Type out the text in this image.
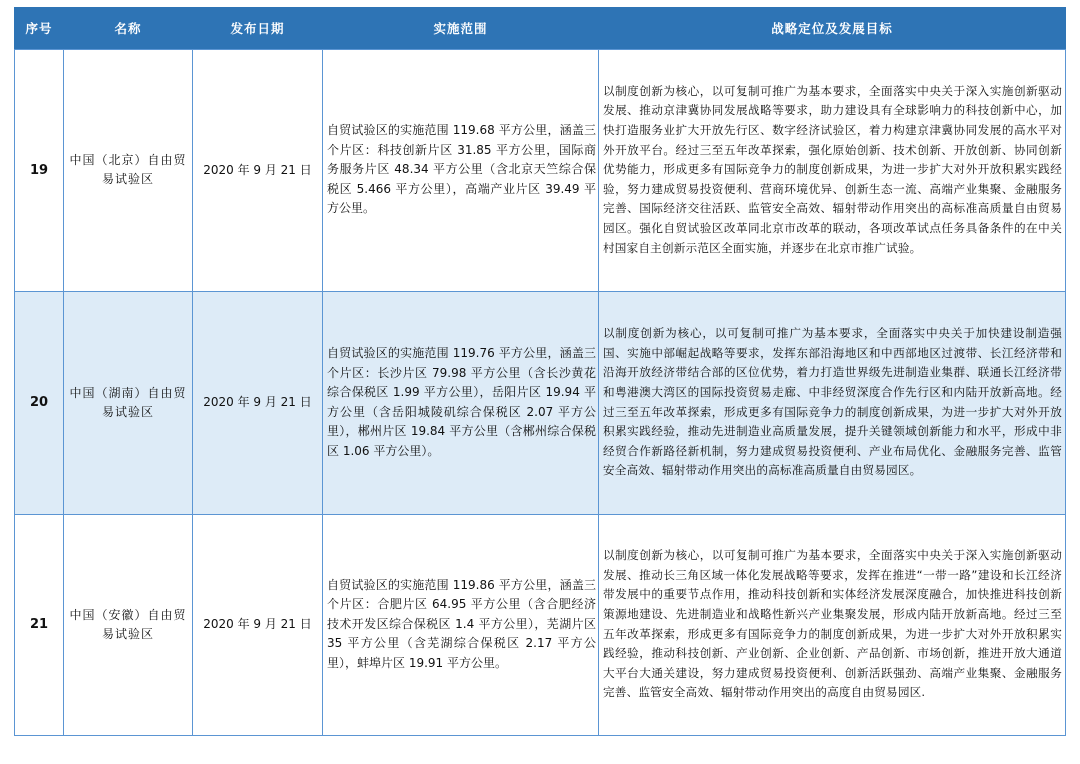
序号	名称	发布日期	实施范围	战略定位及发展目标
19	中国（北京）自由贸易试验区	2020 年 9 月 21 日	自贸试验区的实施范围 119.68 平方公里，涵盖三个片区：科技创新片区 31.85 平方公里，国际商务服务片区 48.34 平方公里（含北京天竺综合保税区 5.466 平方公里），高端产业片区 39.49 平方公里。	以制度创新为核心，以可复制可推广为基本要求，全面落实中央关于深入实施创新驱动发展、推动京津冀协同发展战略等要求，助力建设具有全球影响力的科技创新中心，加快打造服务业扩大开放先行区、数字经济试验区，着力构建京津冀协同发展的高水平对外开放平台。经过三至五年改革探索，强化原始创新、技术创新、开放创新、协同创新优势能力，形成更多有国际竞争力的制度创新成果，为进一步扩大对外开放积累实践经验，努力建成贸易投资便利、营商环境优异、创新生态一流、高端产业集聚、金融服务完善、国际经济交往活跃、监管安全高效、辐射带动作用突出的高标准高质量自由贸易园区。强化自贸试验区改革同北京市改革的联动，各项改革试点任务具备条件的在中关村国家自主创新示范区全面实施，并逐步在北京市推广试验。
20	中国（湖南）自由贸易试验区	2020 年 9 月 21 日	自贸试验区的实施范围 119.76 平方公里，涵盖三个片区：长沙片区 79.98 平方公里（含长沙黄花综合保税区 1.99 平方公里），岳阳片区 19.94 平方公里（含岳阳城陵矶综合保税区 2.07 平方公里），郴州片区 19.84 平方公里（含郴州综合保税区 1.06 平方公里）。	以制度创新为核心，以可复制可推广为基本要求，全面落实中央关于加快建设制造强国、实施中部崛起战略等要求，发挥东部沿海地区和中西部地区过渡带、长江经济带和沿海开放经济带结合部的区位优势，着力打造世界级先进制造业集群、联通长江经济带和粤港澳大湾区的国际投资贸易走廊、中非经贸深度合作先行区和内陆开放新高地。经过三至五年改革探索，形成更多有国际竞争力的制度创新成果，为进一步扩大对外开放积累实践经验，推动先进制造业高质量发展，提升关键领域创新能力和水平，形成中非经贸合作新路径新机制，努力建成贸易投资便利、产业布局优化、金融服务完善、监管安全高效、辐射带动作用突出的高标准高质量自由贸易园区。
21	中国（安徽）自由贸易试验区	2020 年 9 月 21 日	自贸试验区的实施范围 119.86 平方公里，涵盖三个片区：合肥片区 64.95 平方公里（含合肥经济技术开发区综合保税区 1.4 平方公里），芜湖片区 35 平方公里（含芜湖综合保税区 2.17 平方公里），蚌埠片区 19.91 平方公里。	以制度创新为核心，以可复制可推广为基本要求，全面落实中央关于深入实施创新驱动发展、推动长三角区域一体化发展战略等要求，发挥在推进“一带一路”建设和长江经济带发展中的重要节点作用，推动科技创新和实体经济发展深度融合，加快推进科技创新策源地建设、先进制造业和战略性新兴产业集聚发展，形成内陆开放新高地。经过三至五年改革探索，形成更多有国际竞争力的制度创新成果，为进一步扩大对外开放积累实践经验，推动科技创新、产业创新、企业创新、产品创新、市场创新，推进开放大通道大平台大通关建设，努力建成贸易投资便利、创新活跃强劲、高端产业集聚、金融服务完善、监管安全高效、辐射带动作用突出的高度自由贸易园区.
